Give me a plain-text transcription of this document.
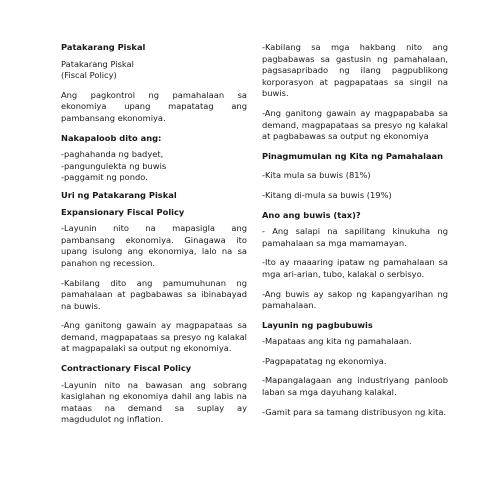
Patakarang Piskal
Patakarang Piskal
(Fiscal Policy)
Ang pagkontrol ng pamahalaan sa ekonomiya upang mapatatag ang pambansang ekonomiya.
Nakapaloob dito ang:
-paghahanda ng badyet,
-pangungulekta ng buwis
-paggamit ng pondo.
Uri ng Patakarang Piskal
Expansionary Fiscal Policy
-Layunin nito na mapasigla ang pambansang ekonomiya. Ginagawa ito upang isulong ang ekonomiya, lalo na sa panahon ng recession.
-Kabilang dito ang pamumuhunan ng pamahalaan at pagbabawas sa ibinabayad na buwis.
-Ang ganitong gawain ay magpapataas sa demand, magpapataas sa presyo ng kalakal at magpapalaki sa output ng ekonomiya.
Contractionary Fiscal Policy
-Layunin nito na bawasan ang sobrang kasiglahan ng ekonomiya dahil ang labis na mataas na demand sa suplay ay magdudulot ng inflation.
-Kabilang sa mga hakbang nito ang pagbabawas sa gastusin ng pamahalaan, pagsasapribado ng ilang pagpublikong korporasyon at pagpapataas sa singil na buwis.
-Ang ganitong gawain ay magpapababa sa demand, magpapataas sa presyo ng kalakal at pagbabawas sa output ng ekonomiya
Pinagmumulan ng Kita ng Pamahalaan
-Kita mula sa buwis (81%)
-Kitang di-mula sa buwis (19%)
Ano ang buwis (tax)?
- Ang salapi na sapilitang kinukuha ng pamahalaan sa mga mamamayan.
-Ito ay maaaring ipataw ng pamahalaan sa mga ari-arian, tubo, kalakal o serbisyo.
-Ang buwis ay sakop ng kapangyarihan ng pamahalaan.
Layunin ng pagbubuwis
-Mapataas ang kita ng pamahalaan.
-Pagpapatatag ng ekonomiya.
-Mapangalagaan ang industriyang panloob laban sa mga dayuhang kalakal.
-Gamit para sa tamang distribusyon ng kita.
